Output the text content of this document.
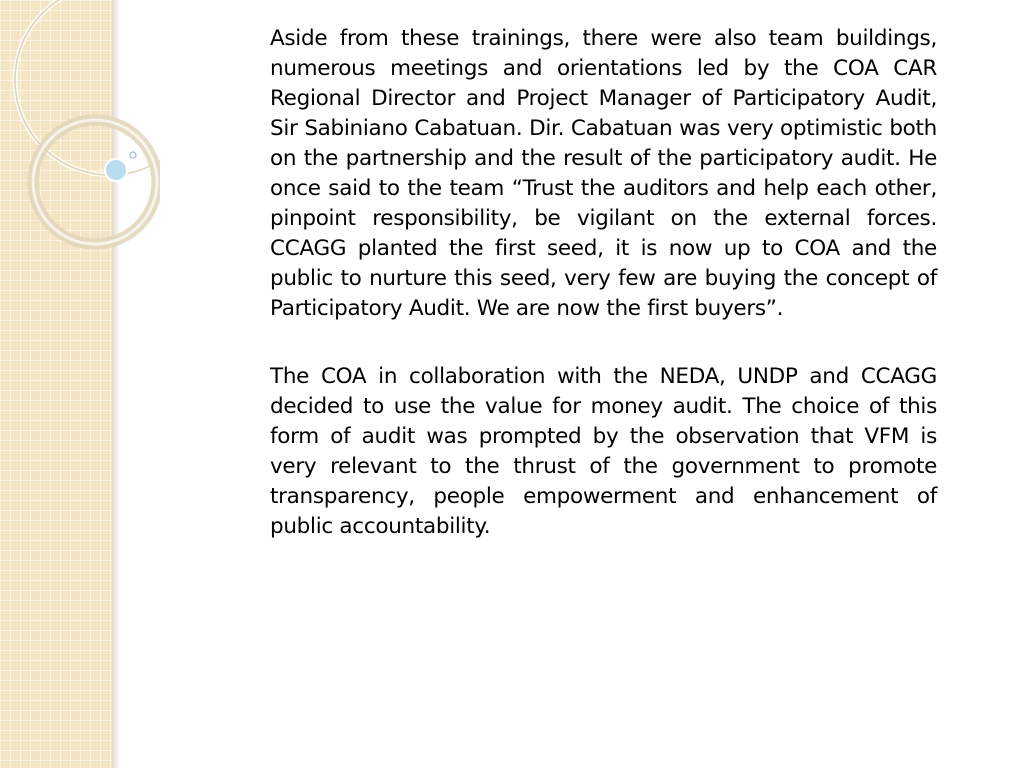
Aside from these trainings, there were also team buildings, numerous meetings and orientations led by the COA CAR Regional Director and Project Manager of Participatory Audit, Sir Sabiniano Cabatuan. Dir. Cabatuan was very optimistic both on the partnership and the result of the participatory audit. He once said to the team “Trust the auditors and help each other, pinpoint responsibility, be vigilant on the external forces. CCAGG planted the first seed, it is now up to COA and the public to nurture this seed, very few are buying the concept of Participatory Audit. We are now the first buyers”.

The COA in collaboration with the NEDA, UNDP and CCAGG decided to use the value for money audit. The choice of this form of audit was prompted by the observation that VFM is very relevant to the thrust of the government to promote transparency, people empowerment and enhancement of public accountability.
